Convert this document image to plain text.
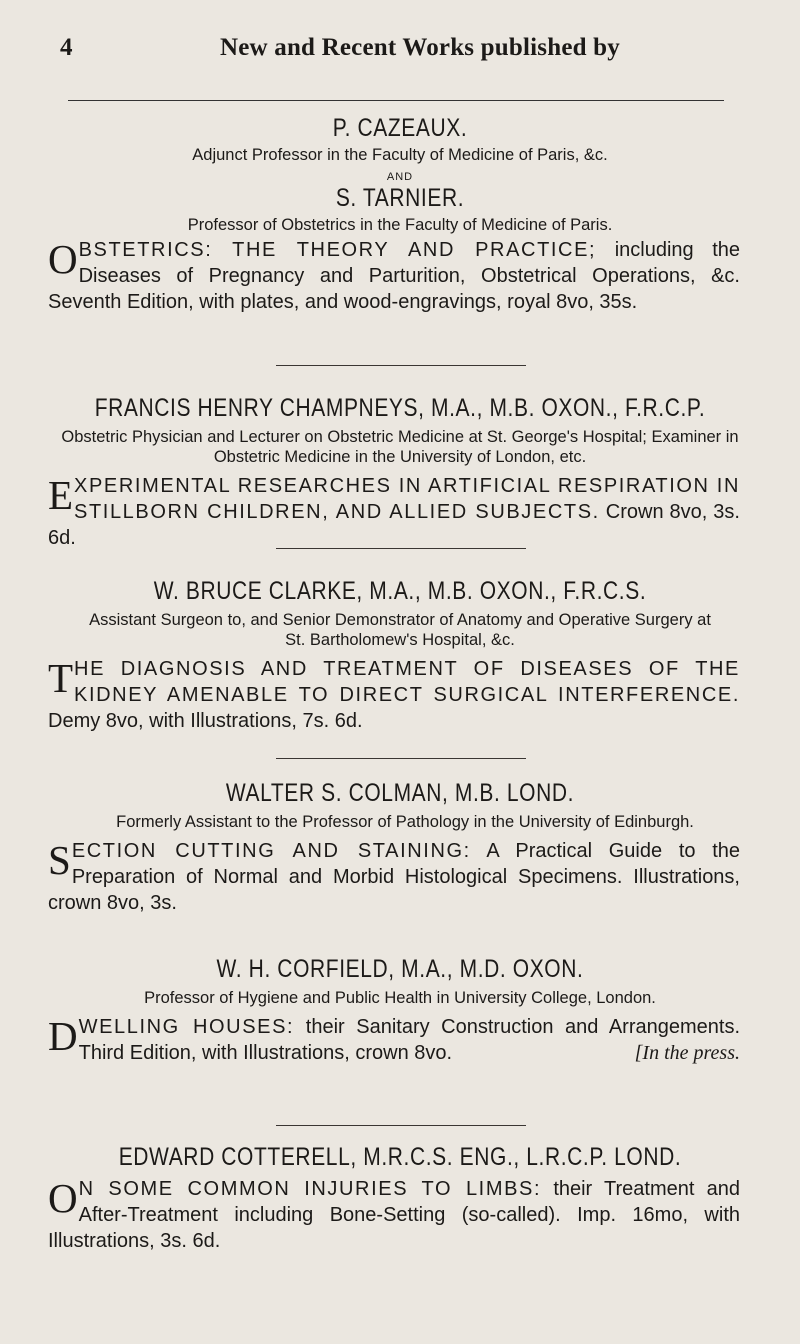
4	New and Recent Works published by
P. CAZEAUX.
Adjunct Professor in the Faculty of Medicine of Paris, &c.
AND
S. TARNIER.
Professor of Obstetrics in the Faculty of Medicine of Paris.
OBSTETRICS: THE THEORY AND PRACTICE; including the Diseases of Pregnancy and Parturition, Obstetrical Operations, &c. Seventh Edition, with plates, and wood-engravings, royal 8vo, 35s.
FRANCIS HENRY CHAMPNEYS, M.A., M.B. OXON., F.R.C.P.
Obstetric Physician and Lecturer on Obstetric Medicine at St. George's Hospital; Examiner in Obstetric Medicine in the University of London, etc.
EXPERIMENTAL RESEARCHES IN ARTIFICIAL RESPIRATION IN STILLBORN CHILDREN, AND ALLIED SUBJECTS. Crown 8vo, 3s. 6d.
W. BRUCE CLARKE, M.A., M.B. OXON., F.R.C.S.
Assistant Surgeon to, and Senior Demonstrator of Anatomy and Operative Surgery at St. Bartholomew's Hospital, &c.
THE DIAGNOSIS AND TREATMENT OF DISEASES OF THE KIDNEY AMENABLE TO DIRECT SURGICAL INTERFERENCE. Demy 8vo, with Illustrations, 7s. 6d.
WALTER S. COLMAN, M.B. LOND.
Formerly Assistant to the Professor of Pathology in the University of Edinburgh.
SECTION CUTTING AND STAINING: A Practical Guide to the Preparation of Normal and Morbid Histological Specimens. Illustrations, crown 8vo, 3s.
W. H. CORFIELD, M.A., M.D. OXON.
Professor of Hygiene and Public Health in University College, London.
DWELLING HOUSES: their Sanitary Construction and Arrangements. Third Edition, with Illustrations, crown 8vo.	[In the press.
EDWARD COTTERELL, M.R.C.S. ENG., L.R.C.P. LOND.
O N SOME COMMON INJURIES TO LIMBS: their Treatment and After-Treatment including Bone-Setting (so-called). Imp. 16mo, with Illustrations, 3s. 6d.
